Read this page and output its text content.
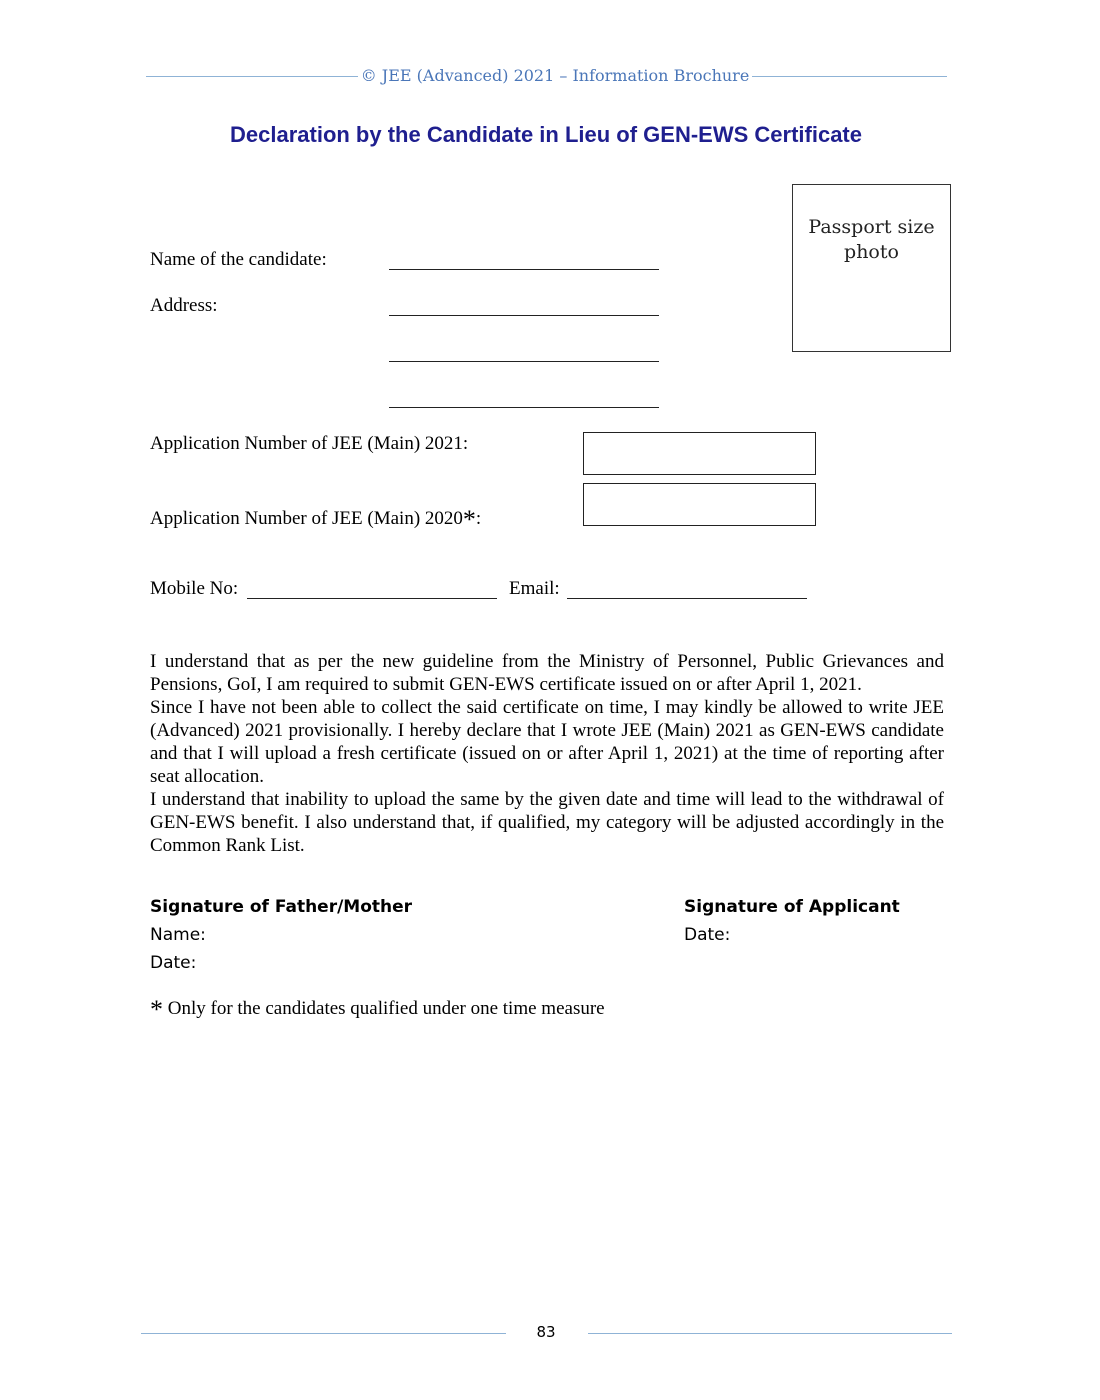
© JEE (Advanced) 2021 – Information Brochure
Declaration by the Candidate in Lieu of GEN-EWS Certificate
Passport size
photo
Name of the candidate:
Address:
Application Number of JEE (Main) 2021:
Application Number of JEE (Main) 2020*:
Mobile No:	Email:

I understand that as per the new guideline from the Ministry of Personnel, Public Grievances and Pensions, GoI, I am required to submit GEN-EWS certificate issued on or after April 1, 2021.

Since I have not been able to collect the said certificate on time, I may kindly be allowed to write JEE (Advanced) 2021 provisionally. I hereby declare that I wrote JEE (Main) 2021 as GEN-EWS candidate and that I will upload a fresh certificate (issued on or after April 1, 2021) at the time of reporting after seat allocation.

I understand that inability to upload the same by the given date and time will lead to the withdrawal of GEN-EWS benefit. I also understand that, if qualified, my category will be adjusted accordingly in the Common Rank List.

Signature of Father/Mother
Name:
Date:
Signature of Applicant
Date:
* Only for the candidates qualified under one time measure
83
